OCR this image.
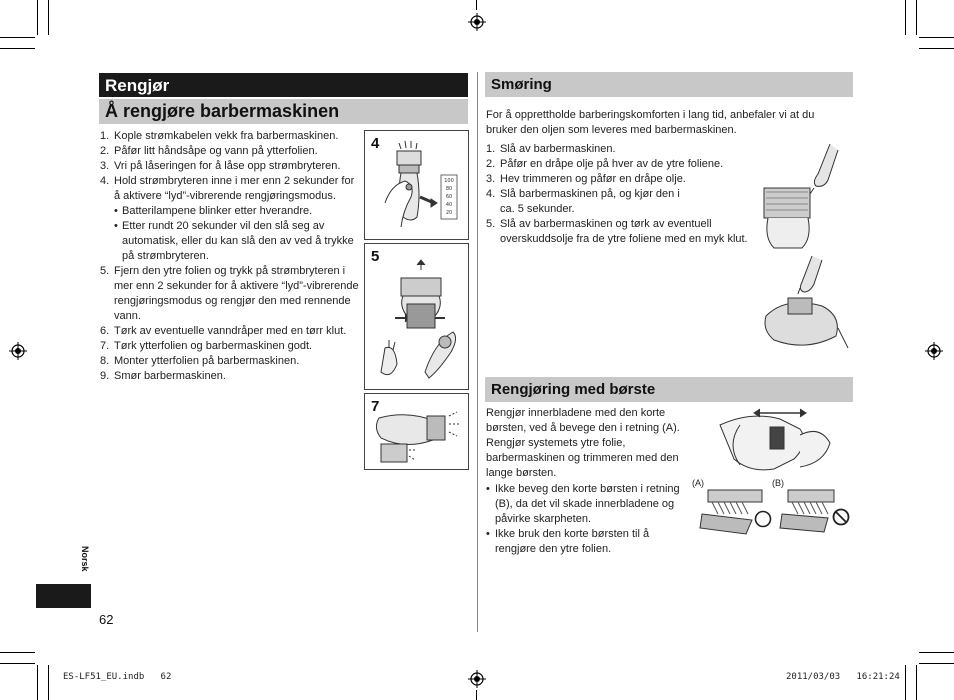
Rengjør
Å rengjøre barbermaskinen
1. Kople strømkabelen vekk fra barbermaskinen.
2. Påfør litt håndsåpe og vann på ytterfolien.
3. Vri på låseringen for å låse opp strømbryteren.
4. Hold strømbryteren inne i mer enn 2 sekunder for å aktivere “lyd”-vibrerende rengjøringsmodus.
• Batterilampene blinker etter hverandre.
• Etter rundt 20 sekunder vil den slå seg av automatisk, eller du kan slå den av ved å trykke på strømbryteren.
5. Fjern den ytre folien og trykk på strømbryteren i mer enn 2 sekunder for å aktivere “lyd”-vibrerende rengjøringsmodus og rengjør den med rennende vann.
6. Tørk av eventuelle vanndråper med en tørr klut.
7. Tørk ytterfolien og barbermaskinen godt.
8. Monter ytterfolien på barbermaskinen.
9. Smør barbermaskinen.
4
100
80
60
40
20
5
7
Norsk
62
Smøring
For å opprettholde barberingskomforten i lang tid, anbefaler vi at du bruker den oljen som leveres med barbermaskinen.
1. Slå av barbermaskinen.
2. Påfør en dråpe olje på hver av de ytre foliene.
3. Hev trimmeren og påfør en dråpe olje.
4. Slå barbermaskinen på, og kjør den i ca. 5 sekunder.
5. Slå av barbermaskinen og tørk av eventuell overskuddsolje fra de ytre foliene med en myk klut.
Rengjøring med børste
Rengjør innerbladene med den korte børsten, ved å bevege den i retning (A). Rengjør systemets ytre folie, barbermaskinen og trimmeren med den lange børsten.
• Ikke beveg den korte børsten i retning (B), da det vil skade innerbladene og påvirke skarpheten.
• Ikke bruk den korte børsten til å rengjøre den ytre folien.
(A)	(B)
ES-LF51_EU.indb 62	2011/03/03 16:21:24
